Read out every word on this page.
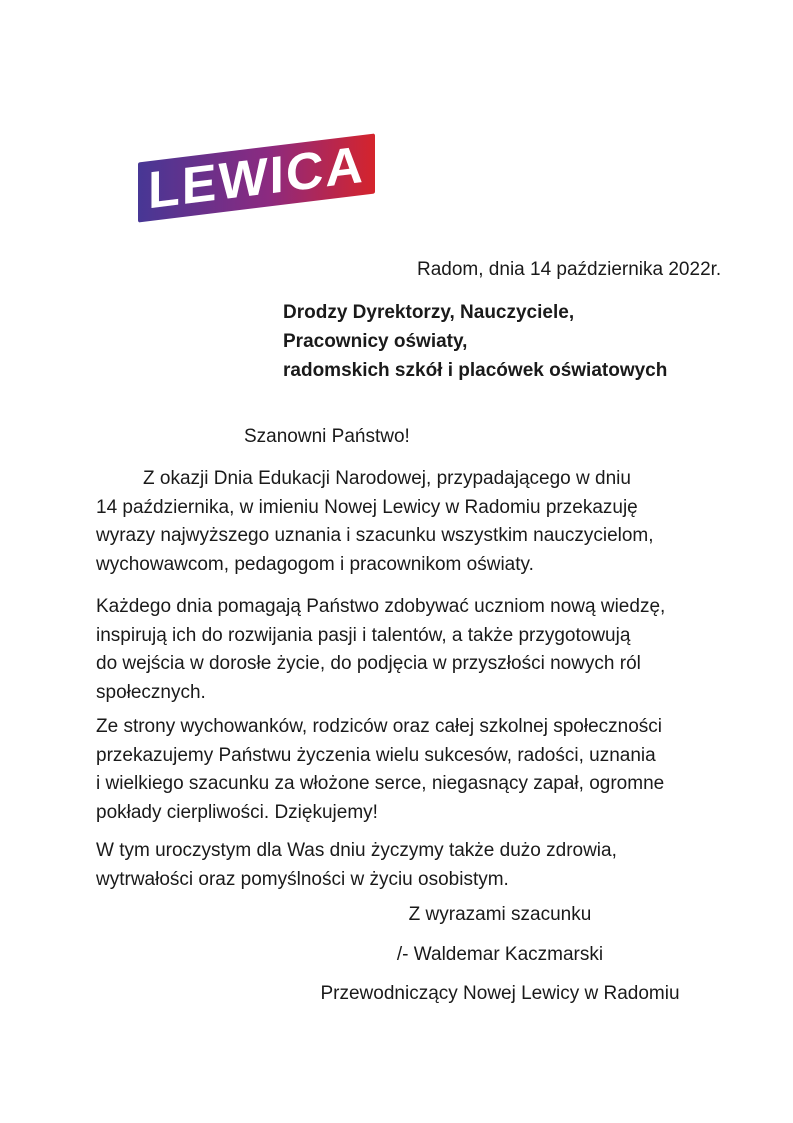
LEWICA
Radom, dnia 14 października 2022r.
Drodzy Dyrektorzy, Nauczyciele,
Pracownicy oświaty,
radomskich szkół i placówek oświatowych
Szanowni Państwo!
Z okazji Dnia Edukacji Narodowej, przypadającego w dniu
14 października, w imieniu Nowej Lewicy w Radomiu przekazuję
wyrazy najwyższego uznania i szacunku wszystkim nauczycielom,
wychowawcom, pedagogom i pracownikom oświaty.
Każdego dnia pomagają Państwo zdobywać uczniom nową wiedzę,
inspirują ich do rozwijania pasji i talentów, a także przygotowują
do wejścia w dorosłe życie, do podjęcia w przyszłości nowych ról
społecznych.
Ze strony wychowanków, rodziców oraz całej szkolnej społeczności
przekazujemy Państwu życzenia wielu sukcesów, radości, uznania
i wielkiego szacunku za włożone serce, niegasnący zapał, ogromne
pokłady cierpliwości. Dziękujemy!
W tym uroczystym dla Was dniu życzymy także dużo zdrowia,
wytrwałości oraz pomyślności w życiu osobistym.
Z wyrazami szacunku
/- Waldemar Kaczmarski
Przewodniczący Nowej Lewicy w Radomiu
